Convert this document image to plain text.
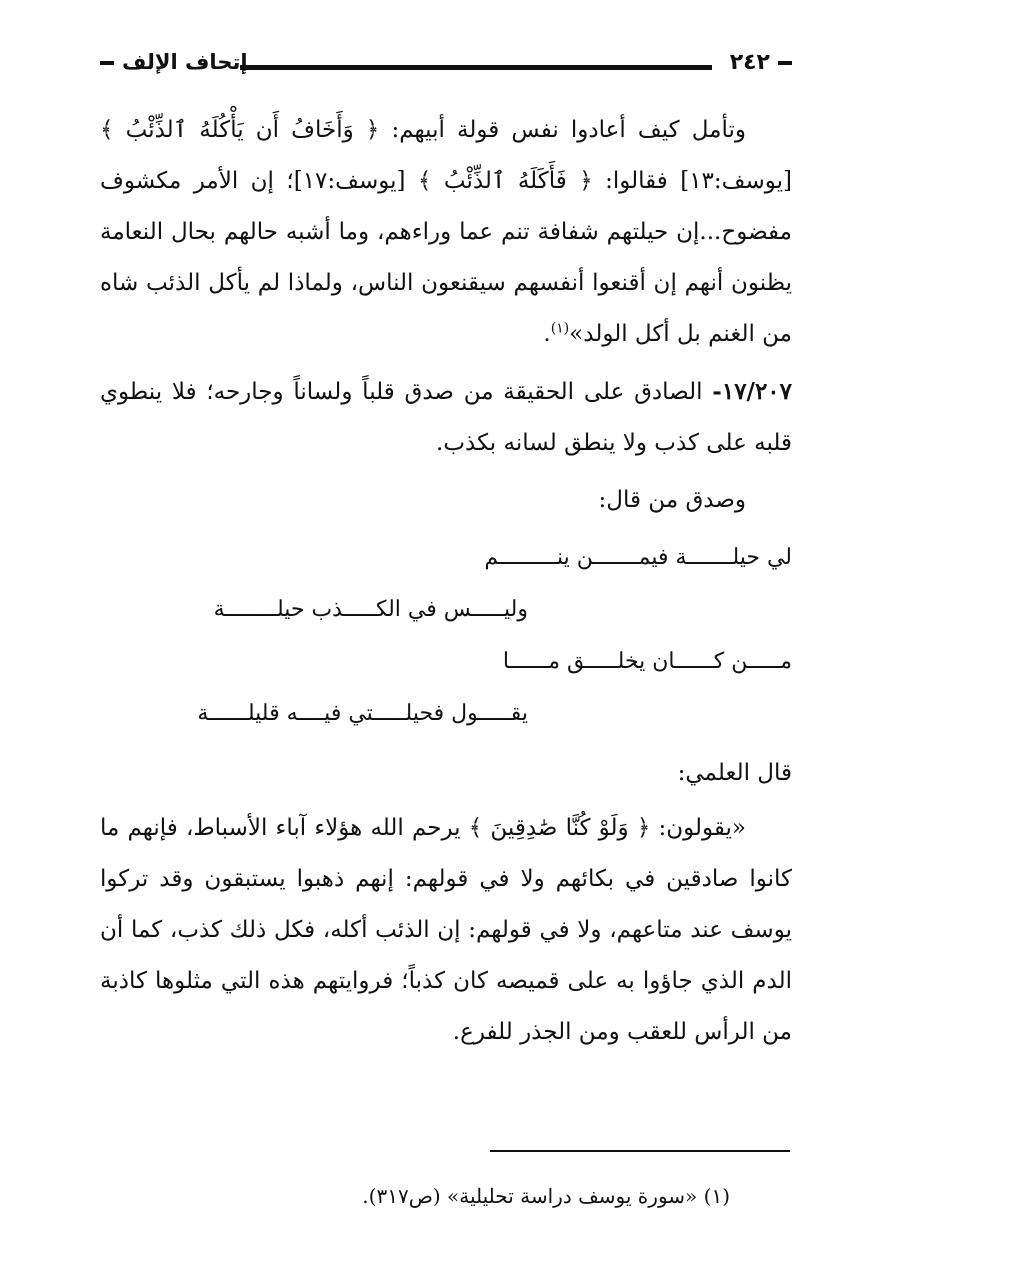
٢٤٢
إتحاف الإلف

وتأمل كيف أعادوا نفس قولة أبيهم: ﴿ وَأَخَافُ أَن يَأْكُلَهُ ٱلذِّئْبُ ﴾ [يوسف:١٣] فقالوا: ﴿ فَأَكَلَهُ ٱلذِّئْبُ ﴾ [يوسف:١٧]؛ إن الأمر مكشوف مفضوح...إن حيلتهم شفافة تنم عما وراءهم، وما أشبه حالهم بحال النعامة يظنون أنهم إن أقنعوا أنفسهم سيقنعون الناس، ولماذا لم يأكل الذئب شاه من الغنم بل أكل الولد»$^{(١)}$.

١٧/٢٠٧- الصادق على الحقيقة من صدق قلباً ولساناً وجارحه؛ فلا ينطوي قلبه على كذب ولا ينطق لسانه بكذب.

وصدق من قال:

لي حيلـــــــة فيمـــــــن ينـــــــــم
وليـــــس في الكـــــذب حيلــــــــة
مـــــن كــــــان يخلـــــق مــــــا
يقـــــول فحيلـــــتي فيــــه قليلــــــة

قال العلمي:

«يقولون: ﴿ وَلَوْ كُنَّا صَٰدِقِينَ ﴾ يرحم الله هؤلاء آباء الأسباط، فإنهم ما كانوا صادقين في بكائهم ولا في قولهم: إنهم ذهبوا يستبقون وقد تركوا يوسف عند متاعهم، ولا في قولهم: إن الذئب أكله، فكل ذلك كذب، كما أن الدم الذي جاؤوا به على قميصه كان كذباً؛ فروايتهم هذه التي مثلوها كاذبة من الرأس للعقب ومن الجذر للفرع.

(١) «سورة يوسف دراسة تحليلية» (ص٣١٧).
